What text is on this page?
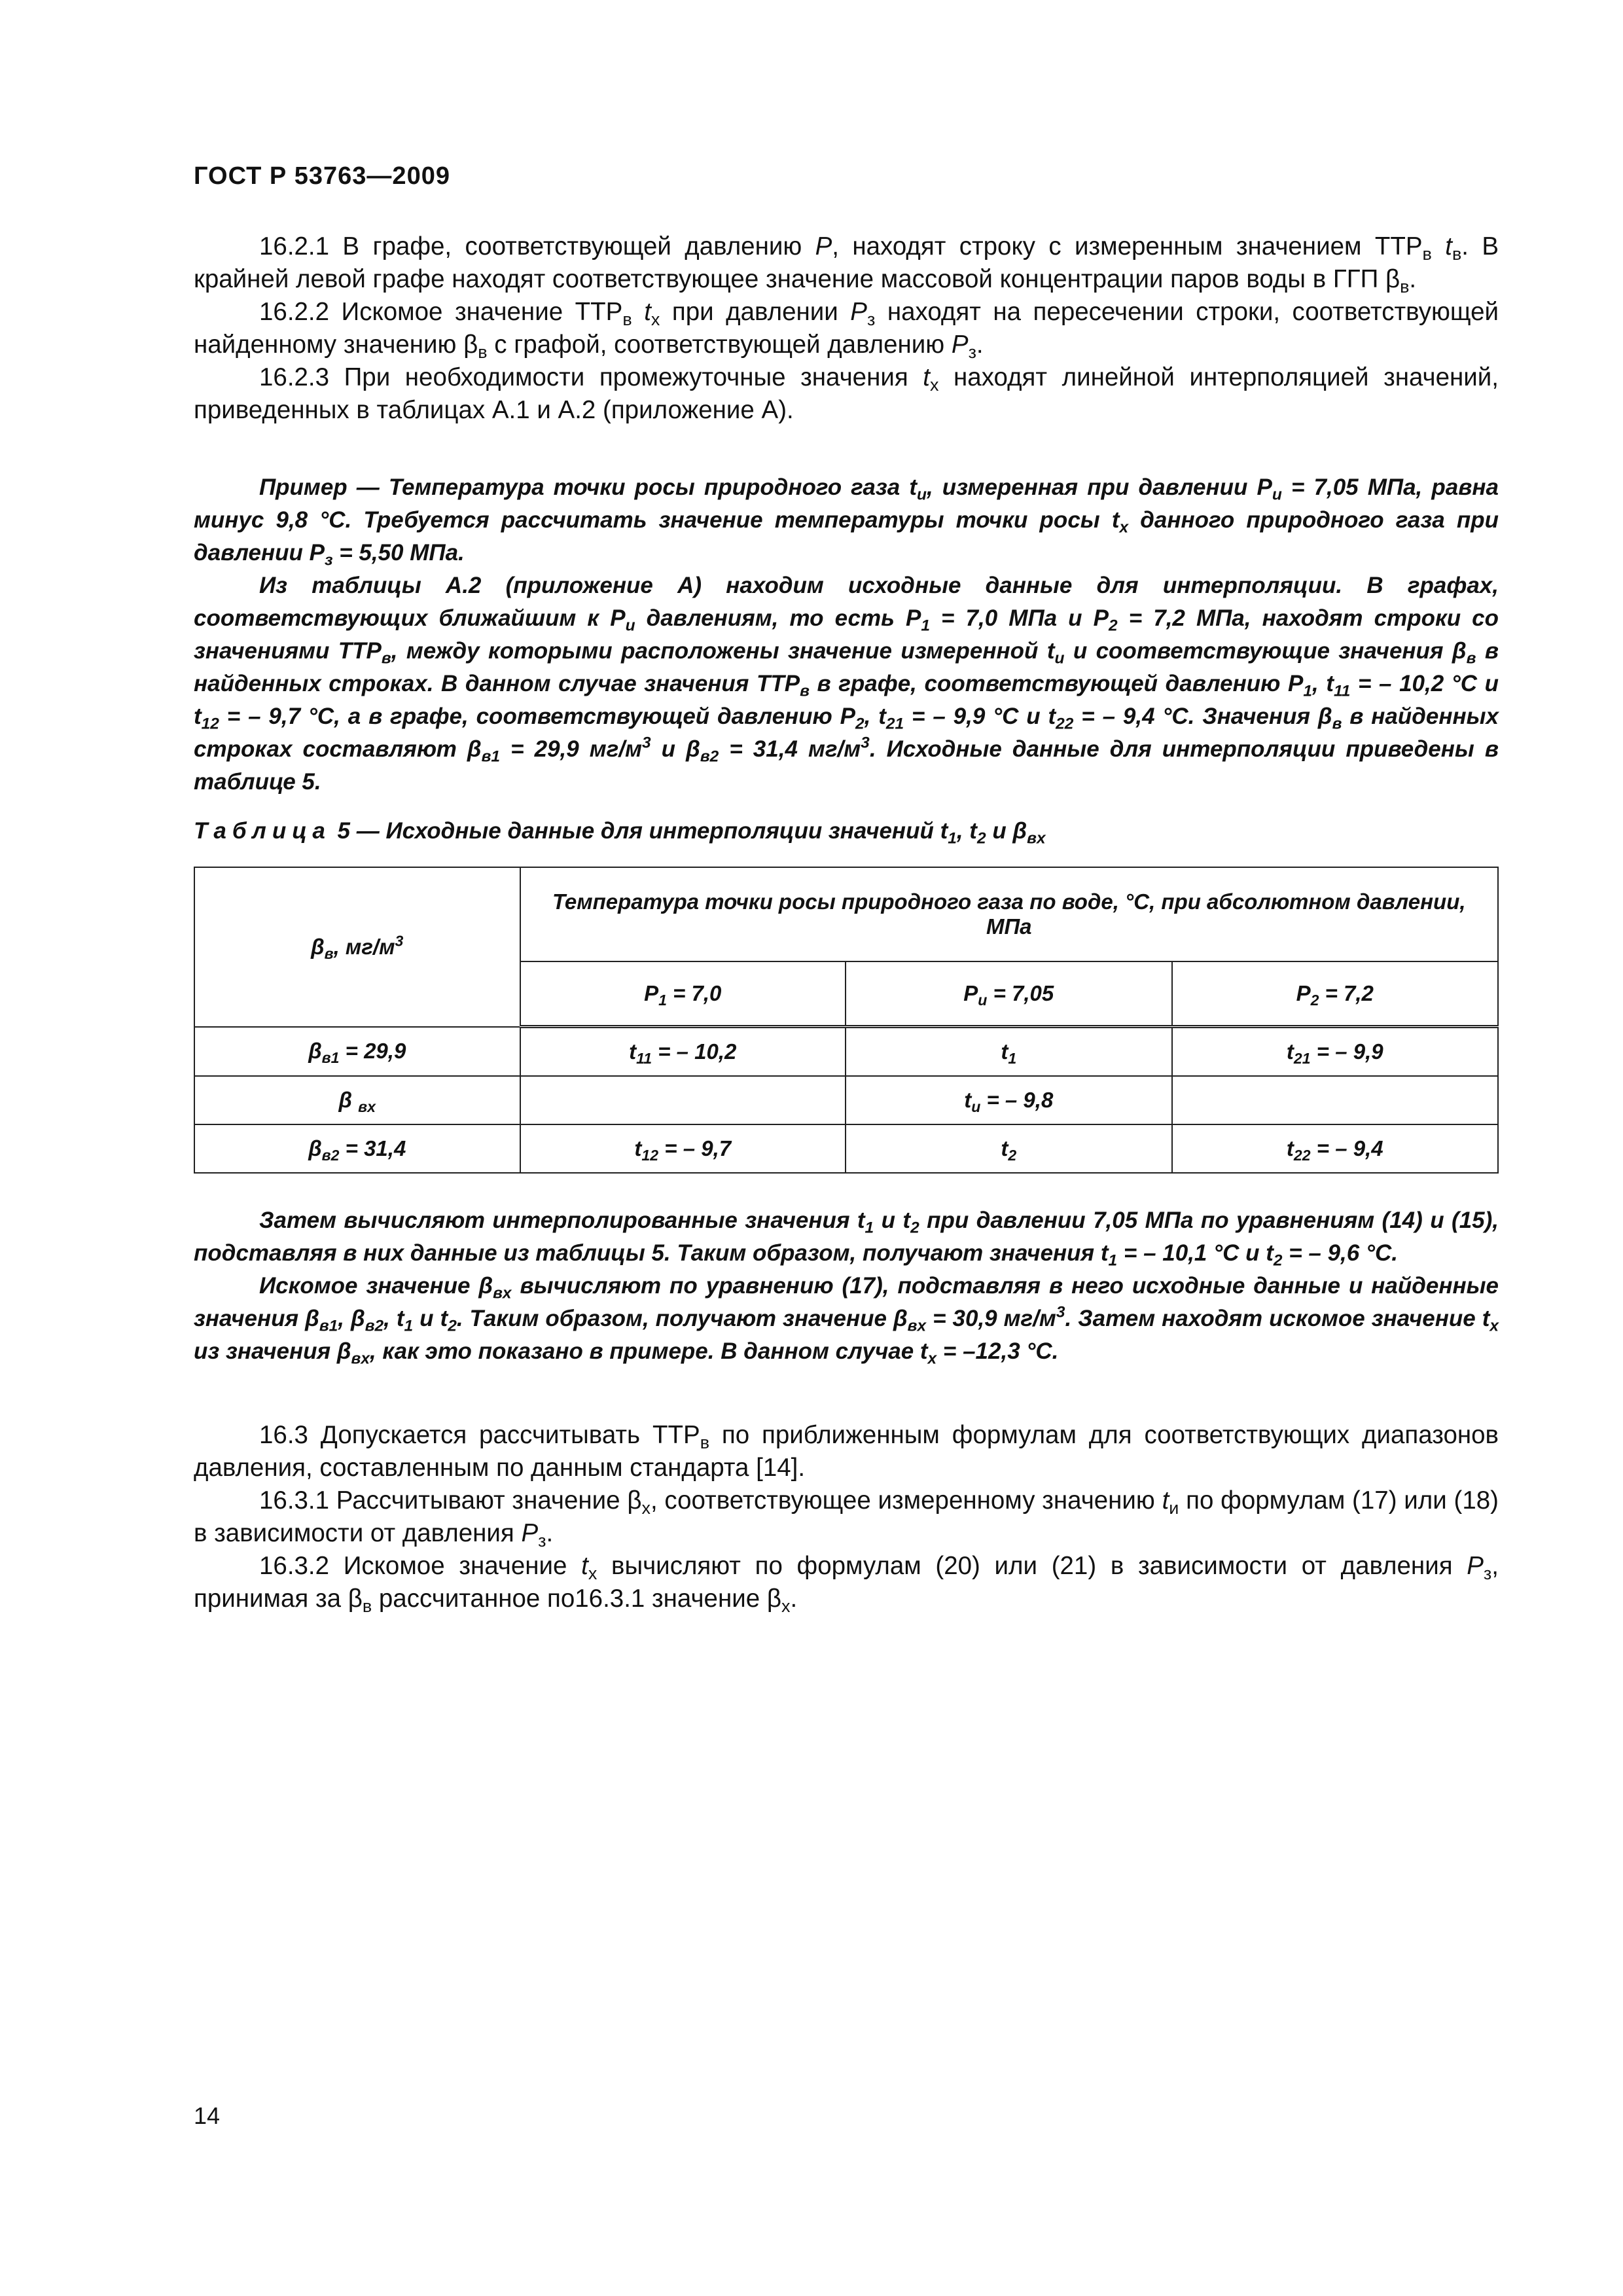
ГОСТ Р 53763—2009

16.2.1 В графе, соответствующей давлению P, находят строку с измеренным значением $ТТР_в$ $t_в$. В крайней левой графе находят соответствующее значение массовой концентрации паров воды в ГГП $\beta_в$.

16.2.2 Искомое значение $ТТР_в$ $t_x$ при давлении $P_з$ находят на пересечении строки, соответствующей найденному значению $\beta_в$ с графой, соответствующей давлению $P_з$.

16.2.3 При необходимости промежуточные значения $t_x$ находят линейной интерполяцией значений, приведенных в таблицах А.1 и А.2 (приложение А).

Пример — Температура точки росы природного газа $t_u$, измеренная при давлении $P_u = 7,05$ МПа, равна минус 9,8 °С. Требуется рассчитать значение температуры точки росы $t_x$ данного природного газа при давлении $P_з = 5,50$ МПа.

Из таблицы А.2 (приложение А) находим исходные данные для интерполяции. В графах, соответствующих ближайшим к $P_u$ давлениям, то есть $P_1 = 7,0$ МПа и $P_2 = 7,2$ МПа, находят строки со значениями $ТТР_в$, между которыми расположены значение измеренной $t_u$ и соответствующие значения $\beta_в$ в найденных строках. В данном случае значения $ТТР_в$ в графе, соответствующей давлению $P_1$, $t_{11}$ = – 10,2 °С и $t_{12}$ = – 9,7 °С, а в графе, соответствующей давлению $P_2$, $t_{21}$ = – 9,9 °С и $t_{22}$ = – 9,4 °С. Значения $\beta_в$ в найденных строках составляют $\beta_{в1} = 29,9$ $мг/м^3$ и $\beta_{в2} = 31,4$ $мг/м^3$. Исходные данные для интерполяции приведены в таблице 5.

Таблица 5 — Исходные данные для интерполяции значений $t_1$, $t_2$ и $\beta_{вх}$
$\beta_в$, $мг/м^3$	Температура точки росы природного газа по воде, °С, при абсолютном давлении, МПа		
	$P_1 = 7,0$	$P_u = 7,05$	$P_2 = 7,2$
$\beta_{в1} = 29,9$	$t_{11}$ = – 10,2	$t_1$	$t_{21}$ = – 9,9
β $_{вх}$		$t_u$ = – 9,8	
$\beta_{в2} = 31,4$	$t_{12}$ = – 9,7	$t_2$	$t_{22}$ = – 9,4

Затем вычисляют интерполированные значения $t_1$ и $t_2$ при давлении 7,05 МПа по уравнениям (14) и (15), подставляя в них данные из таблицы 5. Таким образом, получают значения $t_1$ = – 10,1 °С и $t_2$ = – 9,6 °С.

Искомое значение $\beta_{вх}$ вычисляют по уравнению (17), подставляя в него исходные данные и найденные значения $\beta_{в1}$, $\beta_{в2}$, $t_1$ и $t_2$. Таким образом, получают значение $\beta_{вх} = 30,9$ $мг/м^3$. Затем находят искомое значение $t_x$ из значения $\beta_{вх}$, как это показано в примере. В данном случае $t_x = -12,3$ °С.

16.3 Допускается рассчитывать $ТТР_в$ по приближенным формулам для соответствующих диапазонов давления, составленным по данным стандарта [14].

16.3.1 Рассчитывают значение $\beta_x$, соответствующее измеренному значению $t_и$ по формулам (17) или (18) в зависимости от давления $P_з$.

16.3.2 Искомое значение $t_x$ вычисляют по формулам (20) или (21) в зависимости от давления $P_з$, принимая за $\beta_в$ рассчитанное по16.3.1 значение $\beta_x$.

14
